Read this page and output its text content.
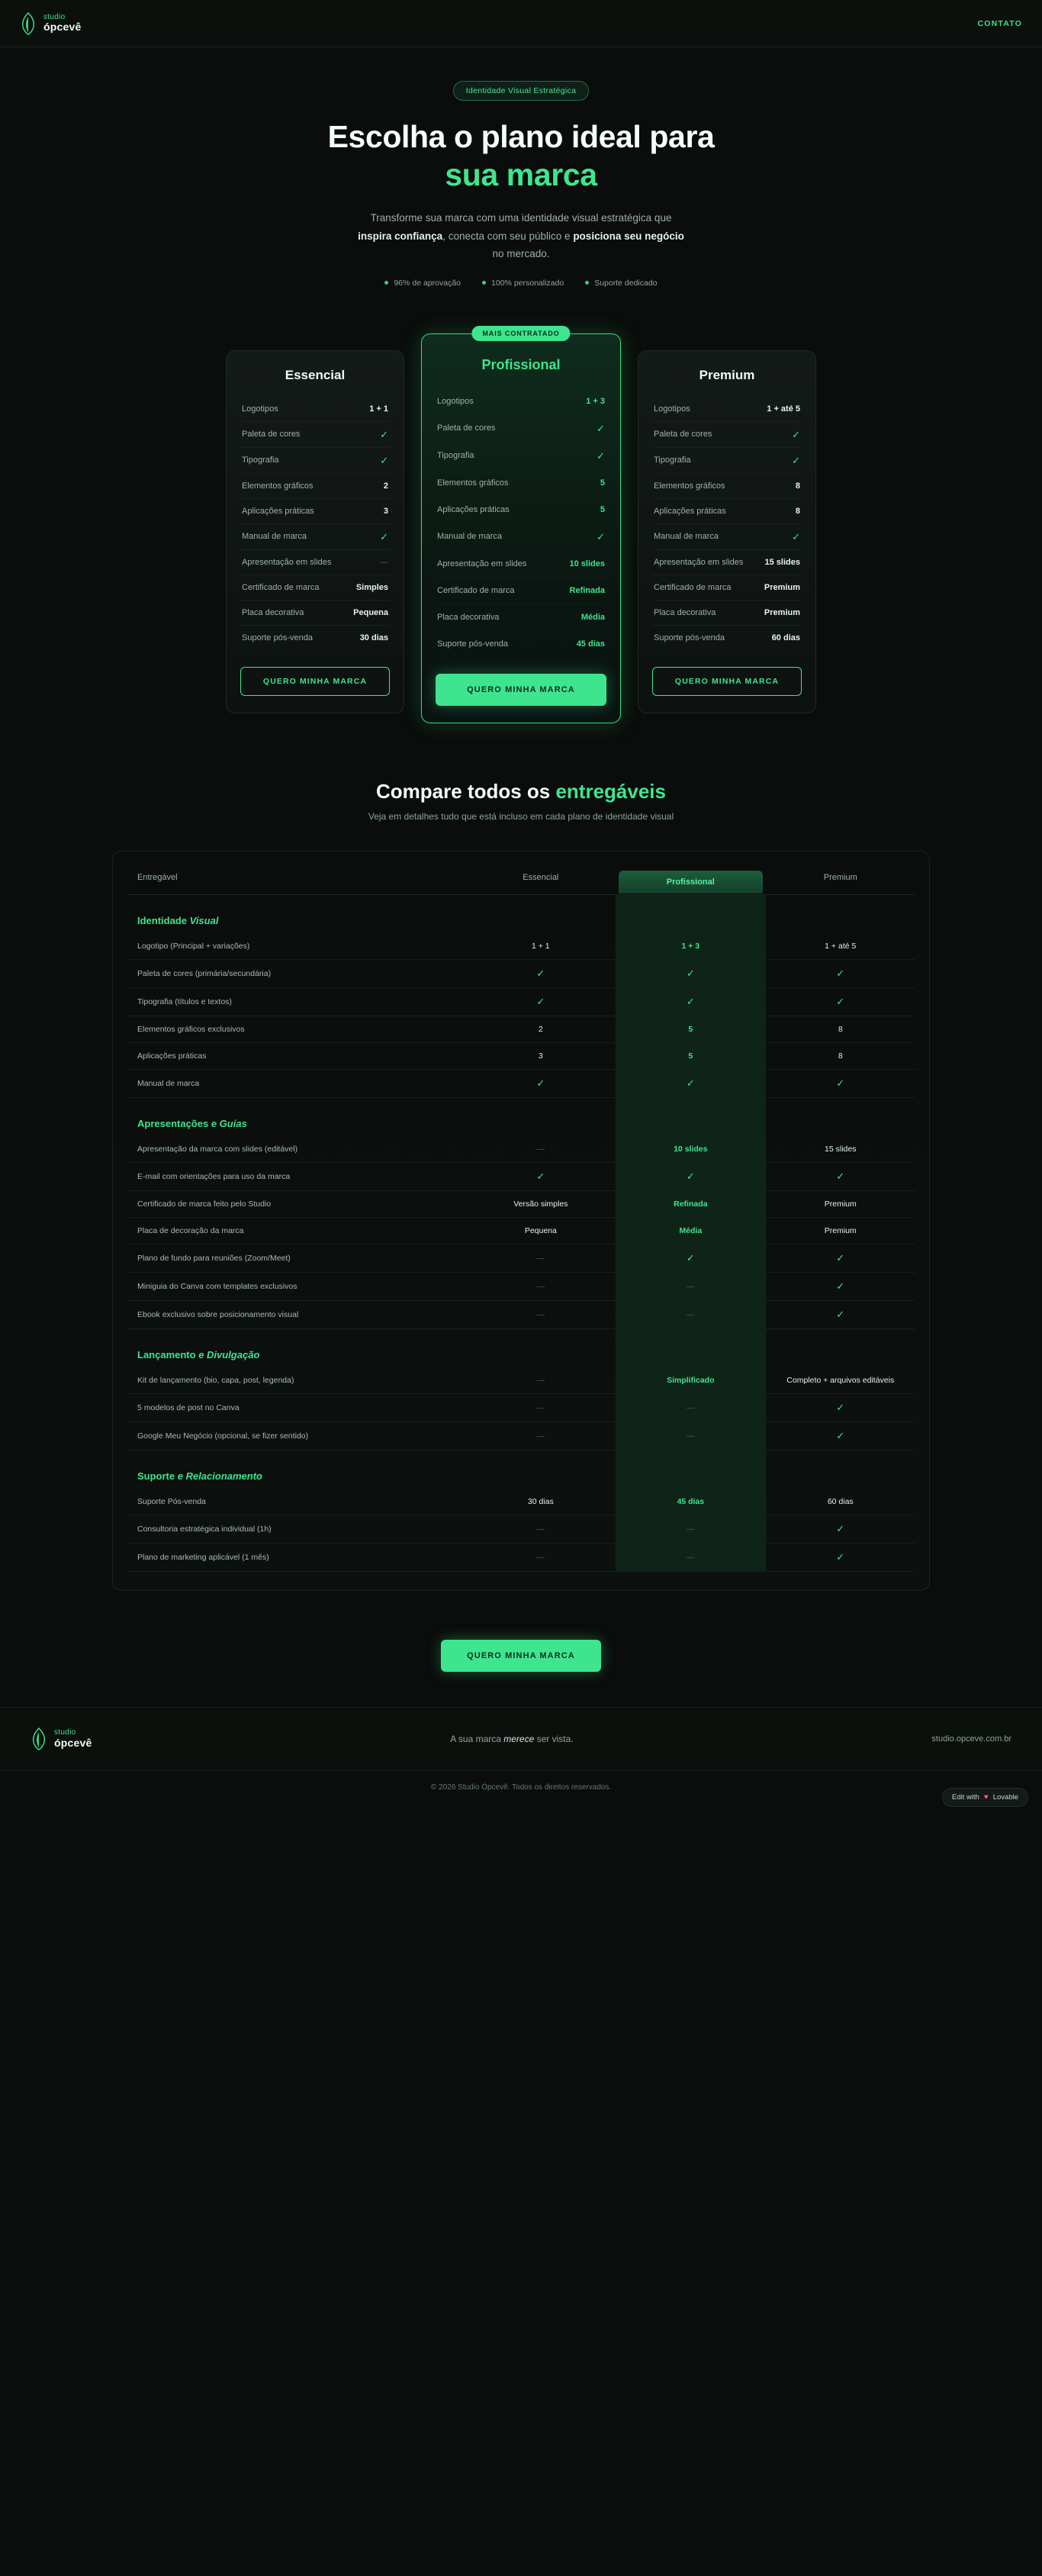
studio
ópcevê	CONTATO
Identidade Visual Estratégica
Escolha o plano ideal para
sua marca

Transforme sua marca com uma identidade visual estratégica que
inspira confiança, conecta com seu público e posiciona seu negócio
no mercado.

96% de aprovação	100% personalizado	Suporte dedicado
Essencial
Logotipos	1 + 1
Paleta de cores	✓
Tipografia	✓
Elementos gráficos	2
Aplicações práticas	3
Manual de marca	✓
Apresentação em slides	—
Certificado de marca	Simples
Placa decorativa	Pequena
Suporte pós-venda	30 dias
QUERO MINHA MARCA
MAIS CONTRATADO
Profissional
Logotipos	1 + 3
Paleta de cores	✓
Tipografia	✓
Elementos gráficos	5
Aplicações práticas	5
Manual de marca	✓
Apresentação em slides	10 slides
Certificado de marca	Refinada
Placa decorativa	Média
Suporte pós-venda	45 dias
QUERO MINHA MARCA
Premium
Logotipos	1 + até 5
Paleta de cores	✓
Tipografia	✓
Elementos gráficos	8
Aplicações práticas	8
Manual de marca	✓
Apresentação em slides	15 slides
Certificado de marca	Premium
Placa decorativa	Premium
Suporte pós-venda	60 dias
QUERO MINHA MARCA
Compare todos os entregáveis

Veja em detalhes tudo que está incluso em cada plano de identidade visual

Entregável	Essencial	Profissional	Premium
Identidade Visual			
Logotipo (Principal + variações)	1 + 1	1 + 3	1 + até 5
Paleta de cores (primária/secundária)	✓	✓	✓
Tipografia (títulos e textos)	✓	✓	✓
Elementos gráficos exclusivos	2	5	8
Aplicações práticas	3	5	8
Manual de marca	✓	✓	✓
Apresentações e Guias			
Apresentação da marca com slides (editável)	—	10 slides	15 slides
E-mail com orientações para uso da marca	✓	✓	✓
Certificado de marca feito pelo Studio	Versão simples	Refinada	Premium
Placa de decoração da marca	Pequena	Média	Premium
Plano de fundo para reuniões (Zoom/Meet)	—	✓	✓
Miniguia do Canva com templates exclusivos	—	—	✓
Ebook exclusivo sobre posicionamento visual	—	—	✓
Lançamento e Divulgação			
Kit de lançamento (bio, capa, post, legenda)	—	Simplificado	Completo + arquivos editáveis
5 modelos de post no Canva	—	—	✓
Google Meu Negócio (opcional, se fizer sentido)	—	—	✓
Suporte e Relacionamento			
Suporte Pós-venda	30 dias	45 dias	60 dias
Consultoria estratégica individual (1h)	—	—	✓
Plano de marketing aplicável (1 mês)	—	—	✓
QUERO MINHA MARCA
studio
ópcevê	A sua marca merece ser vista.	studio.opceve.com.br
© 2026 Studio Ópcevê. Todos os direitos reservados.
Edit with ♥ Lovable
